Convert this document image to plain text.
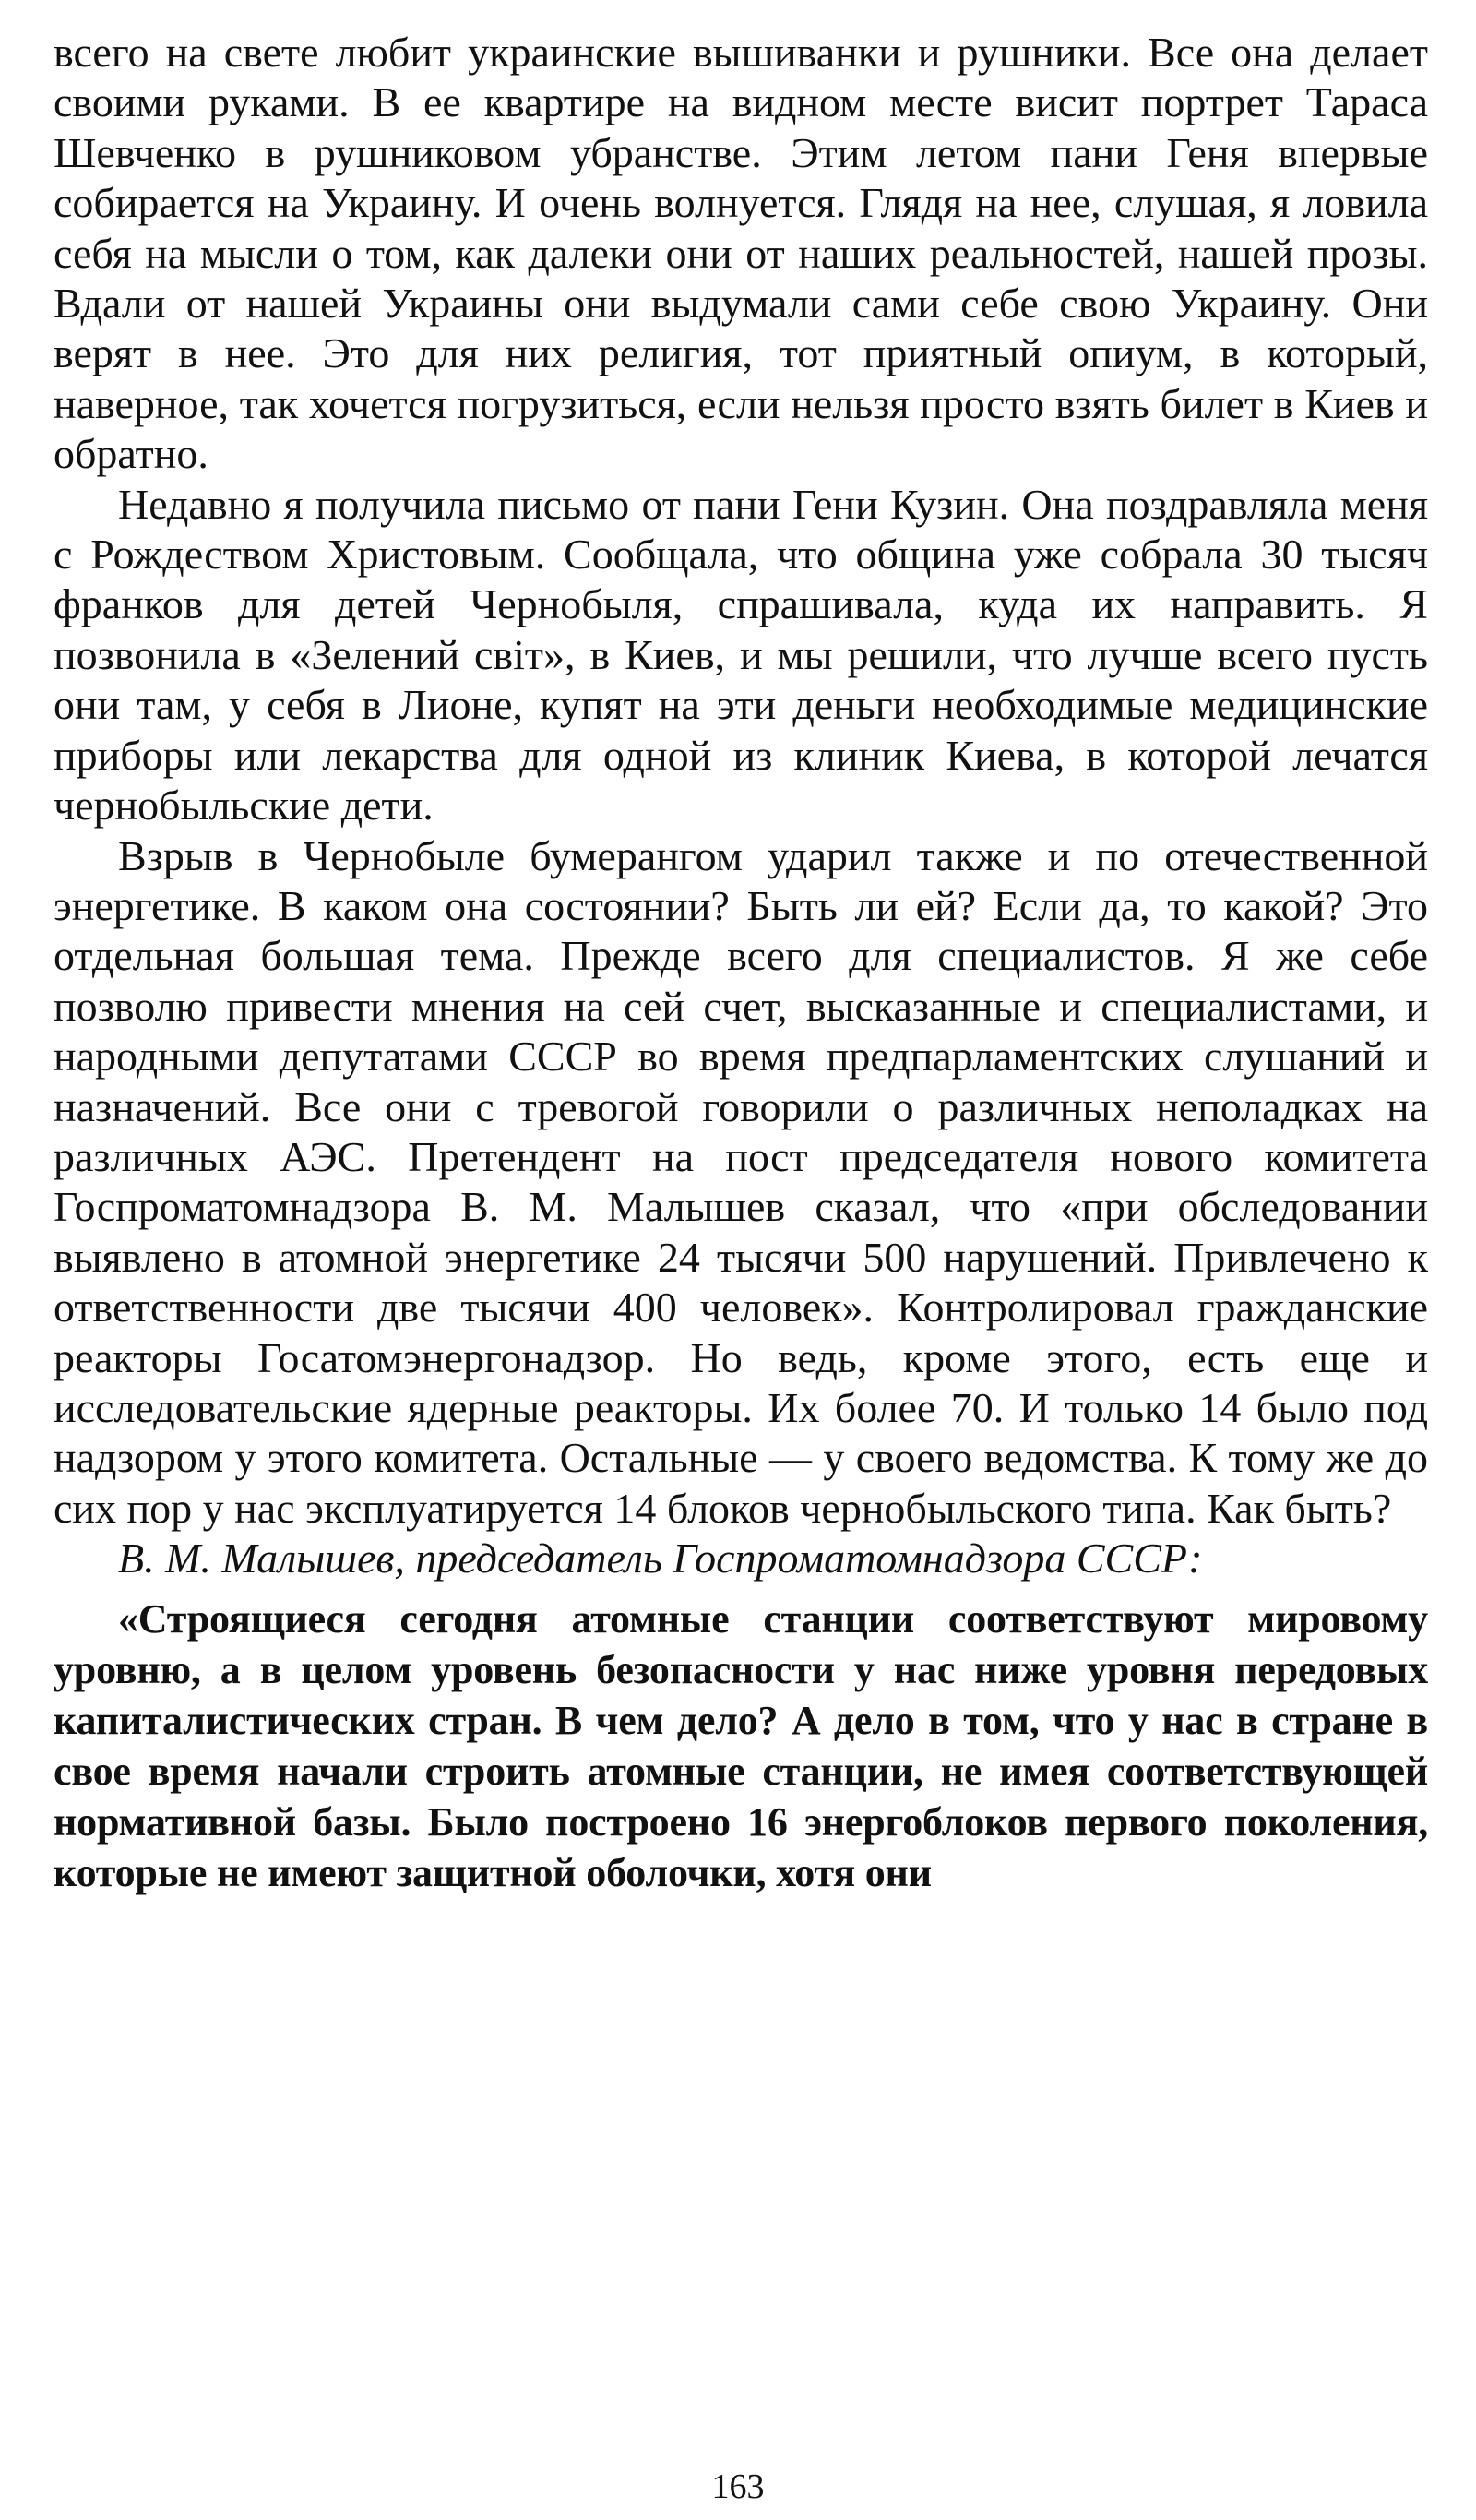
всего на свете любит украинские вышиванки и рушники. Все она делает своими руками. В ее квартире на видном месте висит портрет Тараса Шевченко в рушниковом убранстве. Этим летом пани Геня впервые собирается на Украину. И очень волнуется. Глядя на нее, слушая, я ловила себя на мысли о том, как далеки они от наших реальностей, нашей прозы. Вдали от нашей Украины они выдумали сами себе свою Украину. Они верят в нее. Это для них религия, тот приятный опиум, в который, наверное, так хочется погрузиться, если нельзя просто взять билет в Киев и обратно.

Недавно я получила письмо от пани Гени Кузин. Она поздравляла меня с Рождеством Христовым. Сообщала, что община уже собрала 30 тысяч франков для детей Чернобыля, спрашивала, куда их направить. Я позвонила в «Зелений світ», в Киев, и мы решили, что лучше всего пусть они там, у себя в Лионе, купят на эти деньги необходимые медицинские приборы или лекарства для одной из клиник Киева, в которой лечатся чернобыльские дети.

Взрыв в Чернобыле бумерангом ударил также и по отечественной энергетике. В каком она состоянии? Быть ли ей? Если да, то какой? Это отдельная большая тема. Прежде всего для специалистов. Я же себе позволю привести мнения на сей счет, высказанные и специалистами, и народными депутатами СССР во время предпарламентских слушаний и назначений. Все они с тревогой говорили о различных неполадках на различных АЭС. Претендент на пост председателя нового комитета Госпроматомнадзора В. М. Малышев сказал, что «при обследовании выявлено в атомной энергетике 24 тысячи 500 нарушений. Привлечено к ответственности две тысячи 400 человек». Контролировал гражданские реакторы Госатомэнергонадзор. Но ведь, кроме этого, есть еще и исследовательские ядерные реакторы. Их более 70. И только 14 было под надзором у этого комитета. Остальные — у своего ведомства. К тому же до сих пор у нас эксплуатируется 14 блоков чернобыльского типа. Как быть?

В. М. Малышев, председатель Госпроматомнадзора СССР:

«Строящиеся сегодня атомные станции соответствуют мировому уровню, а в целом уровень безопасности у нас ниже уровня передовых капиталистических стран. В чем дело? А дело в том, что у нас в стране в свое время начали строить атомные станции, не имея соответствующей нормативной базы. Было построено 16 энергоблоков первого поколения, которые не имеют защитной оболочки, хотя они

163
